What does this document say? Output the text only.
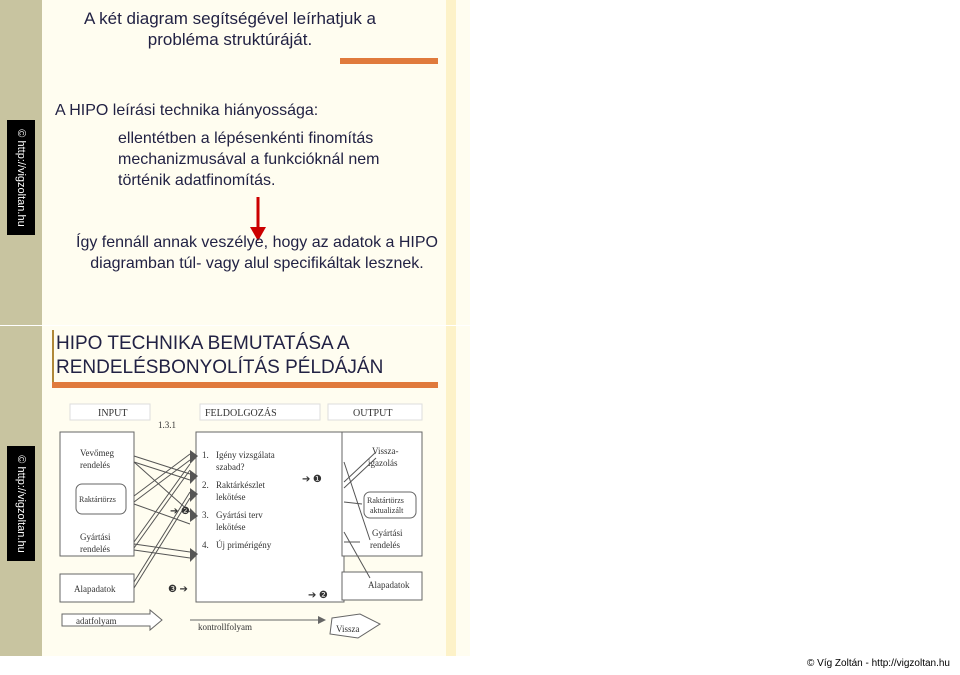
© http://vigzoltan.hu

A két diagram segítségével leírhatjuk a probléma struktúráját.

A HIPO leírási technika hiányossága:

ellentétben a lépésenkénti finomítás mechanizmusával a funkcióknál nem történik adatfinomítás.

Így fennáll annak veszélye, hogy az adatok a HIPO diagramban túl- vagy alul specifikáltak lesznek.

© http://vigzoltan.hu

HIPO TECHNIKA BEMUTATÁSA A RENDELÉSBONYOLÍTÁS PÉLDÁJÁN

INPUT
1.3.1
FELDOLGOZÁS	OUTPUT
Vevőmeg
rendelés
Raktártörzs
Gyártási
rendelés
Alapadatok
1. Igény vizsgálata
szabad?
2. Raktárkészlet
lekötése
3. Gyártási terv
lekötése
4. Új primérigény
Vissza-
igazolás
Raktártörzs
aktualizált
Gyártási
rendelés
Alapadatok
➔ ❶
➔ ❷
❸ ➔
➔ ❷
adatfolyam
kontrollfolyam	Vissza
© Víg Zoltán - http://vigzoltan.hu
